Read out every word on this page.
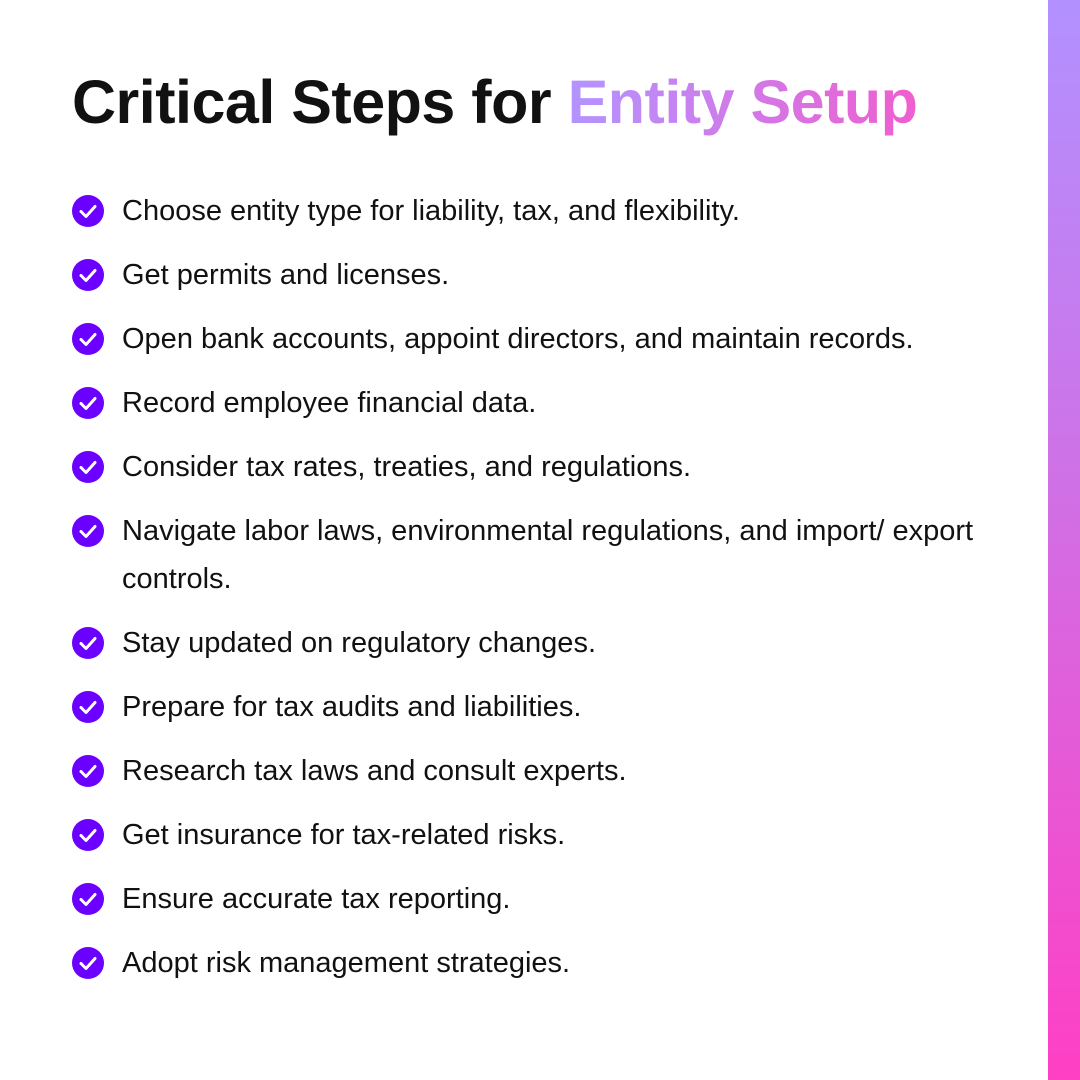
Critical Steps for Entity Setup
Choose entity type for liability, tax, and flexibility.
Get permits and licenses.
Open bank accounts, appoint directors, and maintain records.
Record employee financial data.
Consider tax rates, treaties, and regulations.
Navigate labor laws, environmental regulations, and import/ export controls.
Stay updated on regulatory changes.
Prepare for tax audits and liabilities.
Research tax laws and consult experts.
Get insurance for tax-related risks.
Ensure accurate tax reporting.
Adopt risk management strategies.
